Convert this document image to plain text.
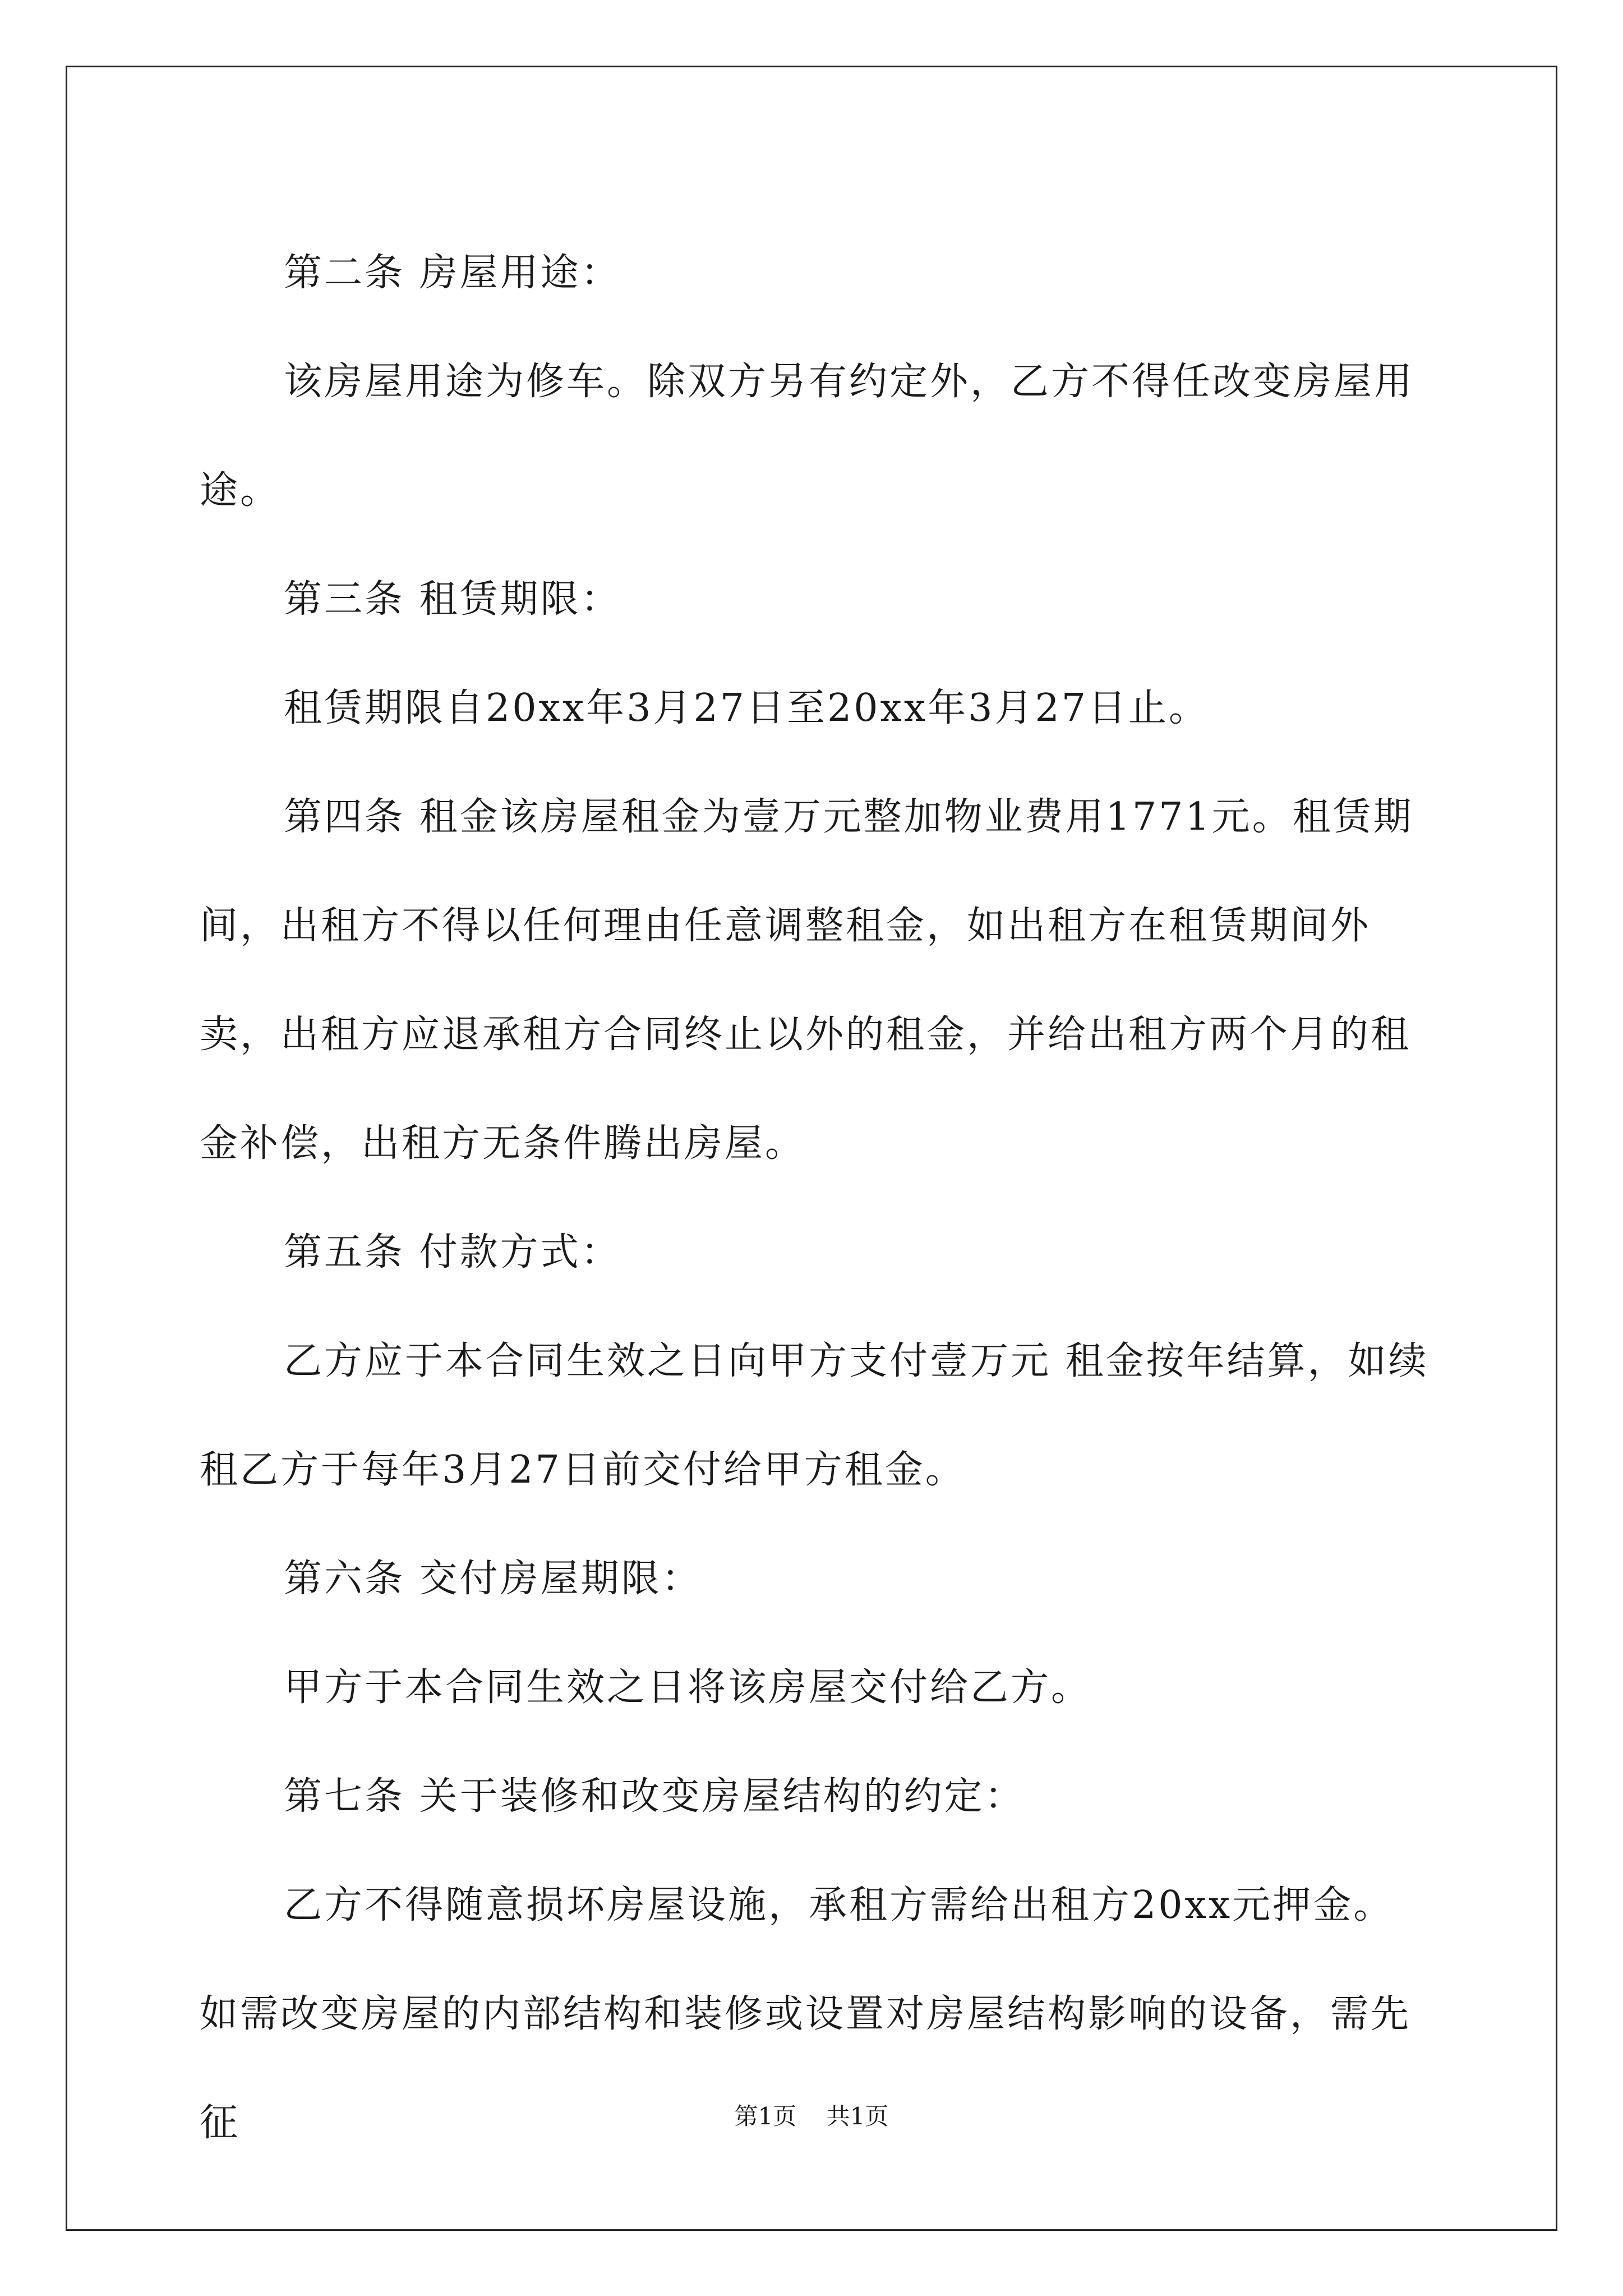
第二条 房屋用途：

该房屋用途为修车。除双方另有约定外，乙方不得任改变房屋用途。

第三条 租赁期限：

租赁期限自20xx年3月27日至20xx年3月27日止。

第四条 租金该房屋租金为壹万元整加物业费用1771元。租赁期间，出租方不得以任何理由任意调整租金，如出租方在租赁期间外卖，出租方应退承租方合同终止以外的租金，并给出租方两个月的租金补偿，出租方无条件腾出房屋。

第五条 付款方式：

乙方应于本合同生效之日向甲方支付壹万元 租金按年结算，如续租乙方于每年3月27日前交付给甲方租金。

第六条 交付房屋期限：

甲方于本合同生效之日将该房屋交付给乙方。

第七条 关于装修和改变房屋结构的约定：

乙方不得随意损坏房屋设施，承租方需给出租方20xx元押金。如需改变房屋的内部结构和装修或设置对房屋结构影响的设备，需先征	第1页 共1页
